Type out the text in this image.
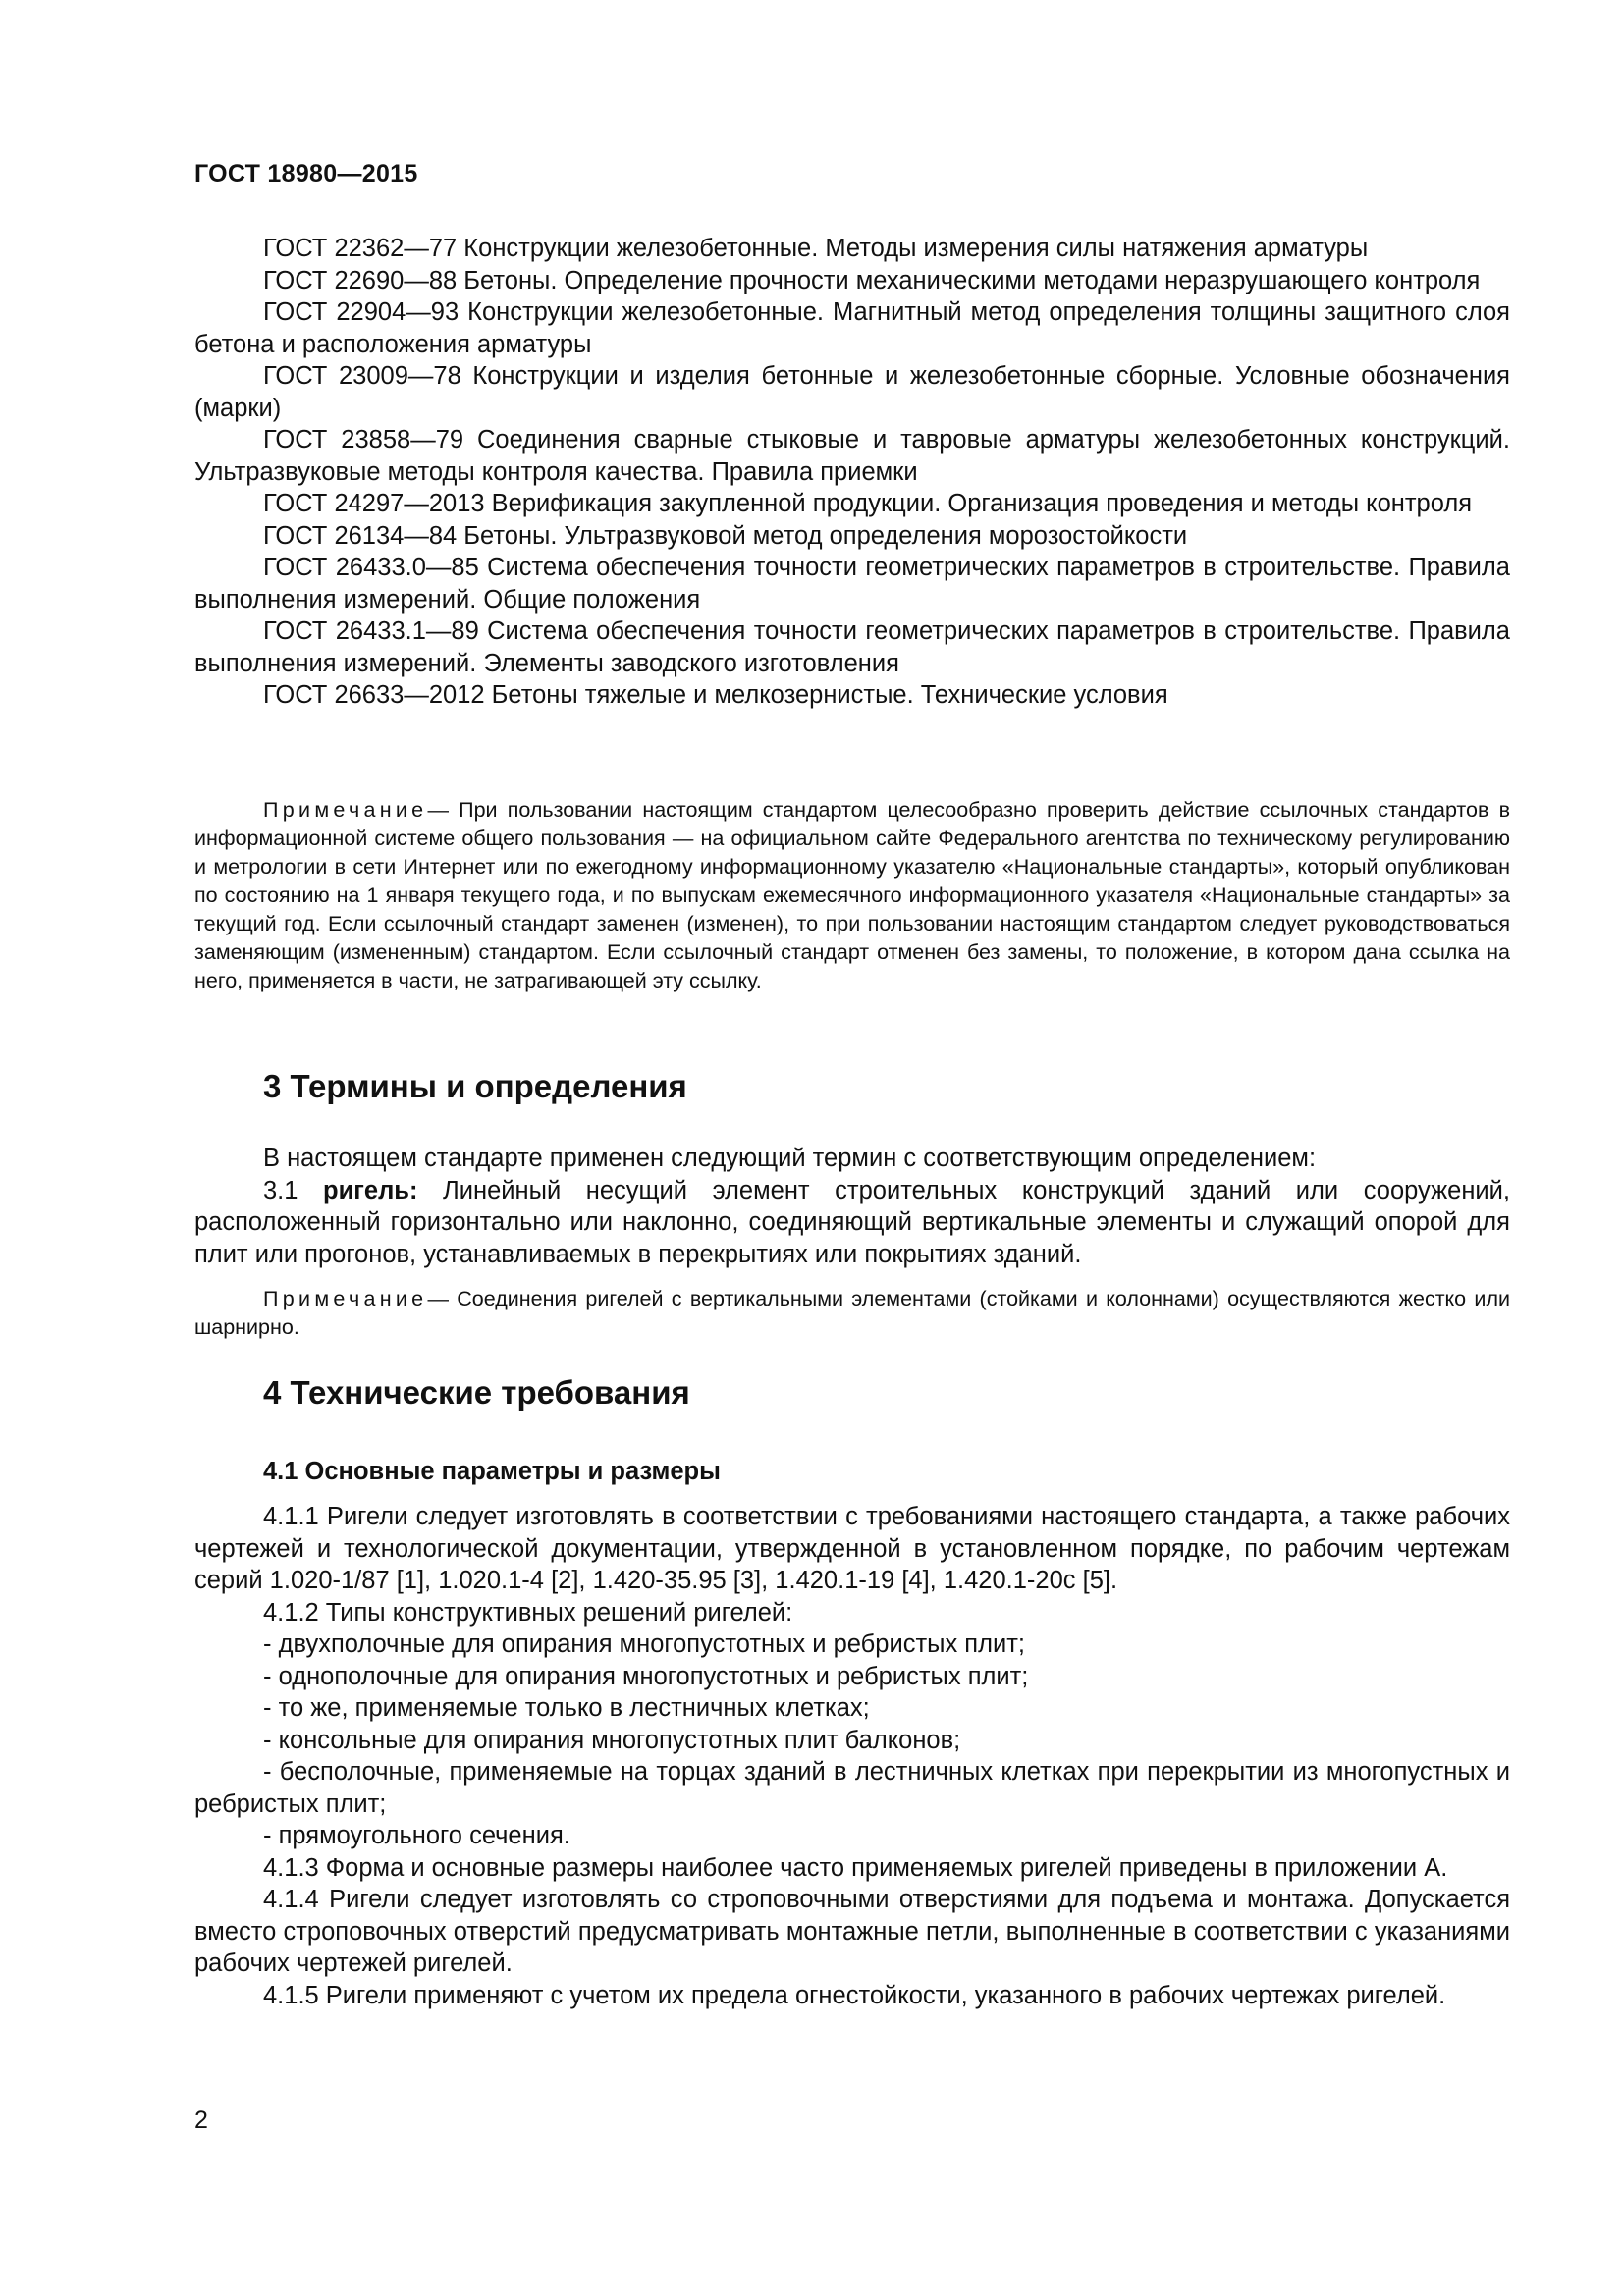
ГОСТ 18980—2015

ГОСТ 22362—77 Конструкции железобетонные. Методы измерения силы натяжения арматуры

ГОСТ 22690—88 Бетоны. Определение прочности механическими методами неразрушающего контроля

ГОСТ 22904—93 Конструкции железобетонные. Магнитный метод определения толщины защитного слоя бетона и расположения арматуры

ГОСТ 23009—78 Конструкции и изделия бетонные и железобетонные сборные. Условные обозначения (марки)

ГОСТ 23858—79 Соединения сварные стыковые и тавровые арматуры железобетонных конструкций. Ультразвуковые методы контроля качества. Правила приемки

ГОСТ 24297—2013 Верификация закупленной продукции. Организация проведения и методы контроля

ГОСТ 26134—84 Бетоны. Ультразвуковой метод определения морозостойкости

ГОСТ 26433.0—85 Система обеспечения точности геометрических параметров в строительстве. Правила выполнения измерений. Общие положения

ГОСТ 26433.1—89 Система обеспечения точности геометрических параметров в строительстве. Правила выполнения измерений. Элементы заводского изготовления

ГОСТ 26633—2012 Бетоны тяжелые и мелкозернистые. Технические условия

Примечание— При пользовании настоящим стандартом целесообразно проверить действие ссылочных стандартов в информационной системе общего пользования — на официальном сайте Федерального агентства по техническому регулированию и метрологии в сети Интернет или по ежегодному информационному указателю «Национальные стандарты», который опубликован по состоянию на 1 января текущего года, и по выпускам ежемесячного информационного указателя «Национальные стандарты» за текущий год. Если ссылочный стандарт заменен (изменен), то при пользовании настоящим стандартом следует руководствоваться заменяющим (измененным) стандартом. Если ссылочный стандарт отменен без замены, то положение, в котором дана ссылка на него, применяется в части, не затрагивающей эту ссылку.

3 Термины и определения

В настоящем стандарте применен следующий термин с соответствующим определением:

3.1 ригель: Линейный несущий элемент строительных конструкций зданий или сооружений, расположенный горизонтально или наклонно, соединяющий вертикальные элементы и служащий опорой для плит или прогонов, устанавливаемых в перекрытиях или покрытиях зданий.

Примечание— Соединения ригелей с вертикальными элементами (стойками и колоннами) осуществляются жестко или шарнирно.

4 Технические требования
4.1 Основные параметры и размеры

4.1.1 Ригели следует изготовлять в соответствии с требованиями настоящего стандарта, а также рабочих чертежей и технологической документации, утвержденной в установленном порядке, по рабочим чертежам серий 1.020-1/87 [1], 1.020.1-4 [2], 1.420-35.95 [3], 1.420.1-19 [4], 1.420.1-20с [5].

4.1.2 Типы конструктивных решений ригелей:

- двухполочные для опирания многопустотных и ребристых плит;

- однополочные для опирания многопустотных и ребристых плит;

- то же, применяемые только в лестничных клетках;

- консольные для опирания многопустотных плит балконов;

- бесполочные, применяемые на торцах зданий в лестничных клетках при перекрытии из многопустных и ребристых плит;

- прямоугольного сечения.

4.1.3 Форма и основные размеры наиболее часто применяемых ригелей приведены в приложении А.

4.1.4 Ригели следует изготовлять со строповочными отверстиями для подъема и монтажа. Допускается вместо строповочных отверстий предусматривать монтажные петли, выполненные в соответствии с указаниями рабочих чертежей ригелей.

4.1.5 Ригели применяют с учетом их предела огнестойкости, указанного в рабочих чертежах ригелей.

2
